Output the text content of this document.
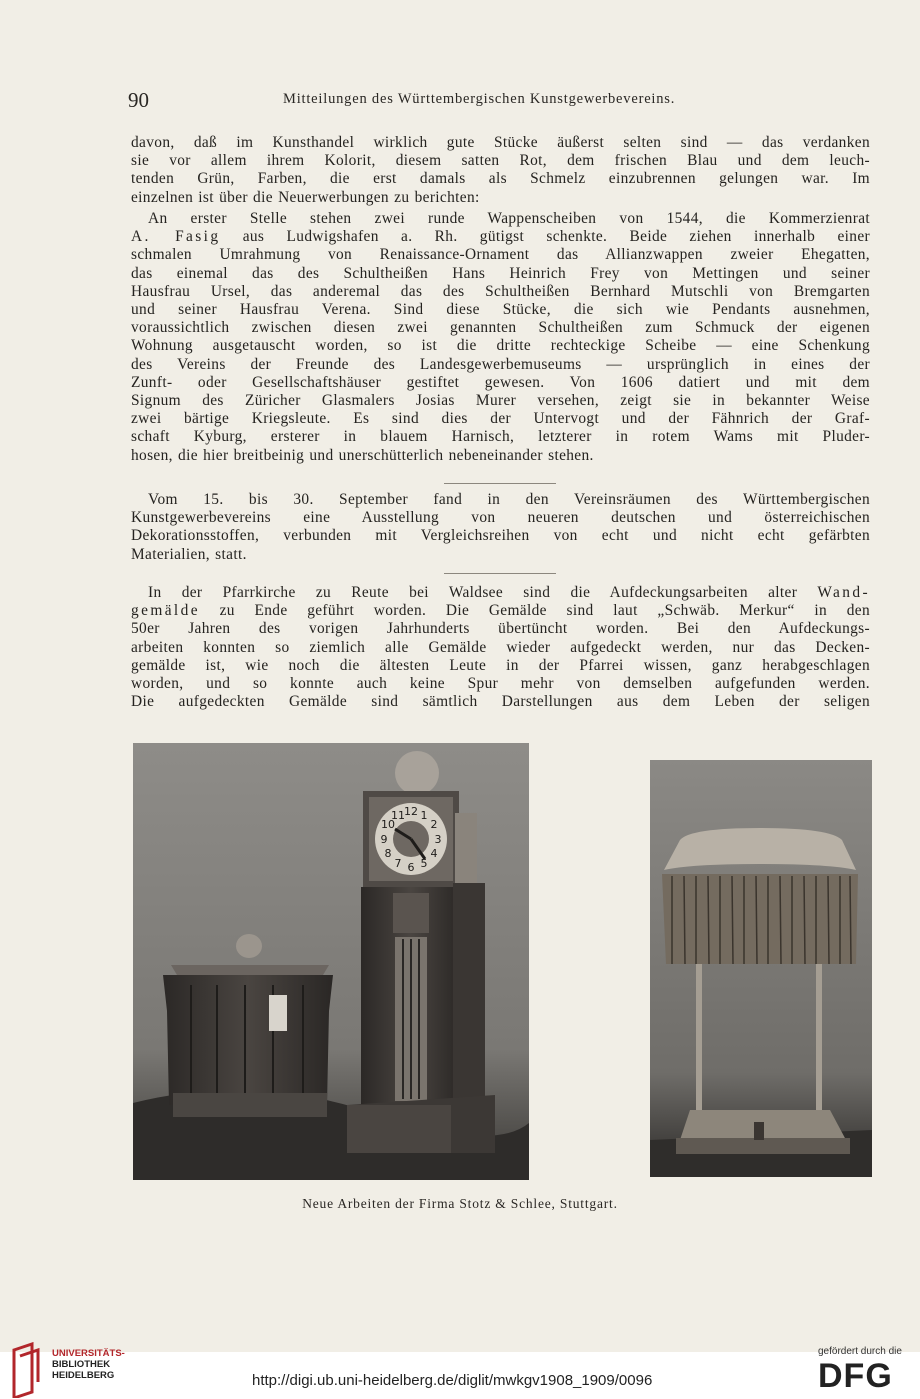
90	Mitteilungen des Württembergischen Kunstgewerbevereins.
davon, daß im Kunsthandel wirklich gute Stücke äußerst selten sind — das verdanken
sie vor allem ihrem Kolorit, diesem satten Rot, dem frischen Blau und dem leuch-
tenden Grün, Farben, die erst damals als Schmelz einzubrennen gelungen war. Im
einzelnen ist über die Neuerwerbungen zu berichten:
An erster Stelle stehen zwei runde Wappenscheiben von 1544, die Kommerzienrat
A. Fasig aus Ludwigshafen a. Rh. gütigst schenkte. Beide ziehen innerhalb einer
schmalen Umrahmung von Renaissance-Ornament das Allianzwappen zweier Ehegatten,
das einemal das des Schultheißen Hans Heinrich Frey von Mettingen und seiner
Hausfrau Ursel, das anderemal das des Schultheißen Bernhard Mutschli von Bremgarten
und seiner Hausfrau Verena. Sind diese Stücke, die sich wie Pendants ausnehmen,
voraussichtlich zwischen diesen zwei genannten Schultheißen zum Schmuck der eigenen
Wohnung ausgetauscht worden, so ist die dritte rechteckige Scheibe — eine Schenkung
des Vereins der Freunde des Landesgewerbemuseums — ursprünglich in eines der
Zunft- oder Gesellschaftshäuser gestiftet gewesen. Von 1606 datiert und mit dem
Signum des Züricher Glasmalers Josias Murer versehen, zeigt sie in bekannter Weise
zwei bärtige Kriegsleute. Es sind dies der Untervogt und der Fähnrich der Graf-
schaft Kyburg, ersterer in blauem Harnisch, letzterer in rotem Wams mit Pluder-
hosen, die hier breitbeinig und unerschütterlich nebeneinander stehen.
Vom 15. bis 30. September fand in den Vereinsräumen des Württembergischen
Kunstgewerbevereins eine Ausstellung von neueren deutschen und österreichischen
Dekorationsstoffen, verbunden mit Vergleichsreihen von echt und nicht echt gefärbten
Materialien, statt.
In der Pfarrkirche zu Reute bei Waldsee sind die Aufdeckungsarbeiten alter Wand-
gemälde zu Ende geführt worden. Die Gemälde sind laut „Schwäb. Merkur“ in den
50er Jahren des vorigen Jahrhunderts übertüncht worden. Bei den Aufdeckungs-
arbeiten konnten so ziemlich alle Gemälde wieder aufgedeckt werden, nur das Decken-
gemälde ist, wie noch die ältesten Leute in der Pfarrei wissen, ganz herabgeschlagen
worden, und so konnte auch keine Spur mehr von demselben aufgefunden werden.
Die aufgedeckten Gemälde sind sämtlich Darstellungen aus dem Leben der seligen
12 1
2
3
4
5
6
7
8
9
10
11
Neue Arbeiten der Firma Stotz & Schlee, Stuttgart.
UNIVERSITÄTS-
BIBLIOTHEK
HEIDELBERG	http://digi.ub.uni-heidelberg.de/diglit/mwkgv1908_1909/0096
gefördert durch die
DFG
